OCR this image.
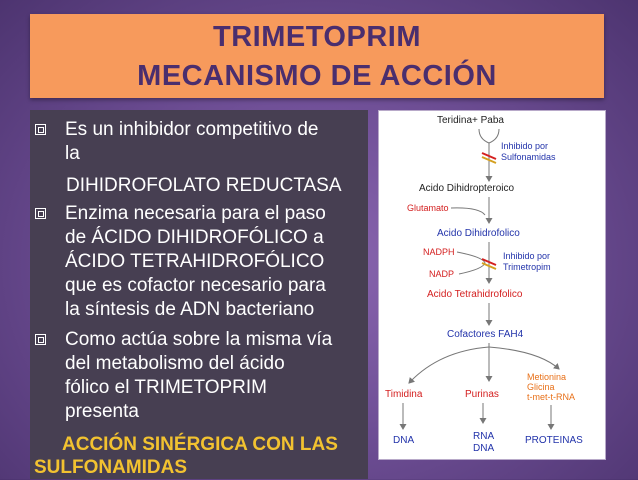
TRIMETOPRIM
MECANISMO DE ACCIÓN
Es un inhibidor competitivo de
la
DIHIDROFOLATO REDUCTASA
Enzima necesaria para el paso
de ÁCIDO DIHIDROFÓLICO a
ÁCIDO TETRAHIDROFÓLICO
que es cofactor necesario para
la síntesis de ADN bacteriano
Como actúa sobre la misma vía
del metabolismo del ácido
fólico el TRIMETOPRIM
presenta
ACCIÓN SINÉRGICA CON LAS
SULFONAMIDAS
Teridina+ Paba
Inhibido por
Sulfonamidas
Acido Dihidropteroico
Glutamato
Acido Dihidrofolico
NADPH
NADP
Inhibido por
Trimetropim
Acido Tetrahidrofolico
Cofactores FAH4
Timidina	Purinas
Metionina
Glicina
t-met-t-RNA
DNA	RNA
DNA
PROTEINAS
